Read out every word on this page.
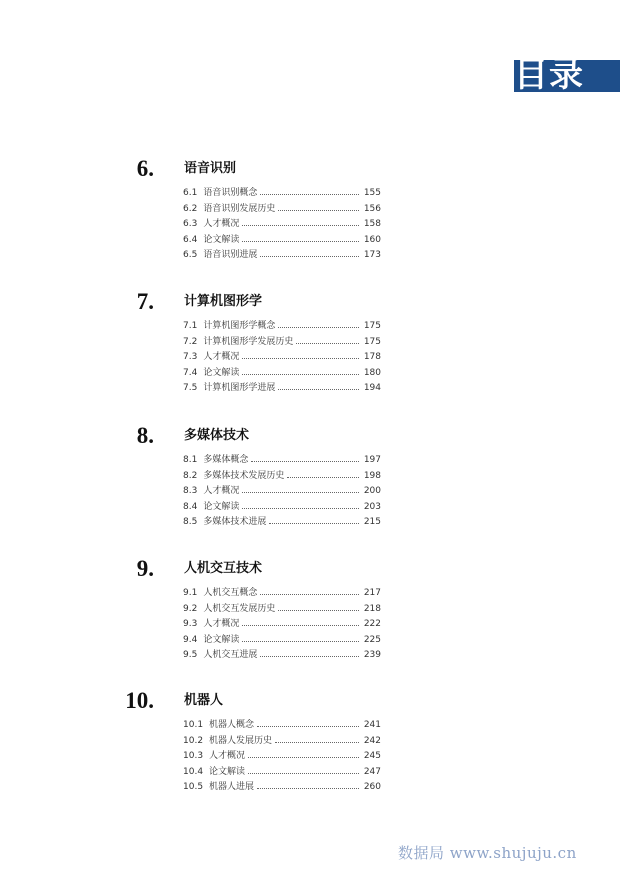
目录
6. 语音识别
6.1 语音识别概念	155
6.2 语音识别发展历史	156
6.3 人才概况	158
6.4 论文解读	160
6.5 语音识别进展	173
7. 计算机图形学
7.1 计算机图形学概念	175
7.2 计算机图形学发展历史	175
7.3 人才概况	178
7.4 论文解读	180
7.5 计算机图形学进展	194
8. 多媒体技术
8.1 多媒体概念	197
8.2 多媒体技术发展历史	198
8.3 人才概况	200
8.4 论文解读	203
8.5 多媒体技术进展	215
9. 人机交互技术
9.1 人机交互概念	217
9.2 人机交互发展历史	218
9.3 人才概况	222
9.4 论文解读	225
9.5 人机交互进展	239
10. 机器人
10.1 机器人概念	241
10.2 机器人发展历史	242
10.3 人才概况	245
10.4 论文解读	247
10.5 机器人进展	260
数据局 www.shujuju.cn
